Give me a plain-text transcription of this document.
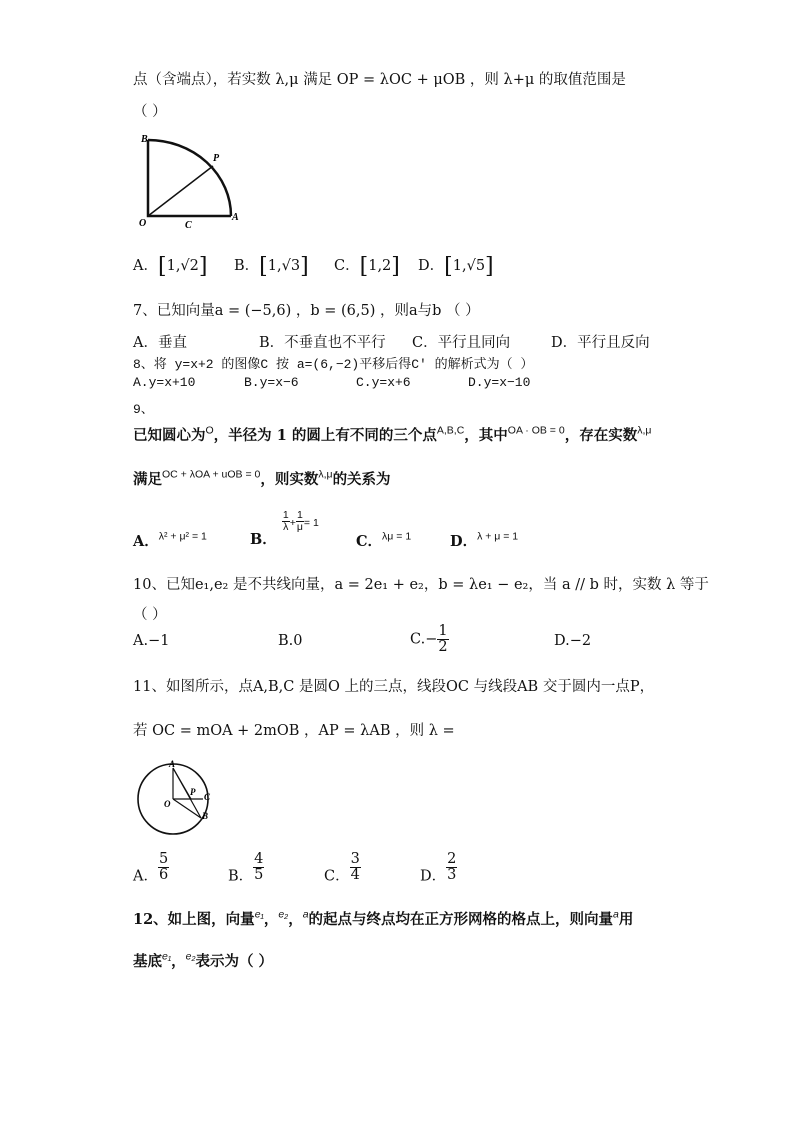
点（含端点），若实数 λ,μ 满足 OP = λOC + μOB ，则 λ+μ 的取值范围是
（ ）
B
P
O	C
A
A．[1,√2] B．[1,√3] C．[1,2] D．[1,√5]
7、已知向量a = (−5,6) ，b = (6,5) ，则a与b （ ）
A．垂直	B．不垂直也不平行 C．平行且同向	D．平行且反向
8、将 y=x+2 的图像C 按 a=(6,−2)平移后得C′ 的解析式为（ ）
A.y=x+10	B.y=x−6	C.y=x+6	D.y=x−10
9、
已知圆心为$^O$，半径为 1 的圆上有不同的三个点$^{A,B,C}$，其中$^{OA \cdot OB = 0}$，存在实数$^{\lambda,\mu}$
满足$^{OC + \lambda OA + uOB = 0}$，则实数$^{\lambda,\mu}$的关系为
A．$^{\lambda^2 + \mu^2 = 1}$	B．
$\frac{1}{\lambda} + \frac{1}{\mu} = 1$
C．$^{\lambda\mu = 1}$	D．$^{\lambda + \mu = 1}$
10、已知e₁,e₂ 是不共线向量，a = 2e₁ + e₂，b = λe₁ − e₂，当 a // b 时，实数 λ 等于
（ ）
A.−1	B.0	$C.- \frac{1}{2}$	D.−2
11、如图所示，点A,B,C 是圆O 上的三点，线段OC 与线段AB 交于圆内一点P，
若 OC = mOA + 2mOB ，AP = λAB ，则 λ =
A
P C
O
B
A． $\frac{5}{6}$	B． $\frac{4}{5}$	C． $\frac{3}{4}$	D． $\frac{2}{3}$
12、如上图，向量$^{e_1}$，$^{e_2}$，$^a$的起点与终点均在正方形网格的格点上，则向量$^a$用
基底$^{e_1}$，$^{e_2}$表示为（ ）
